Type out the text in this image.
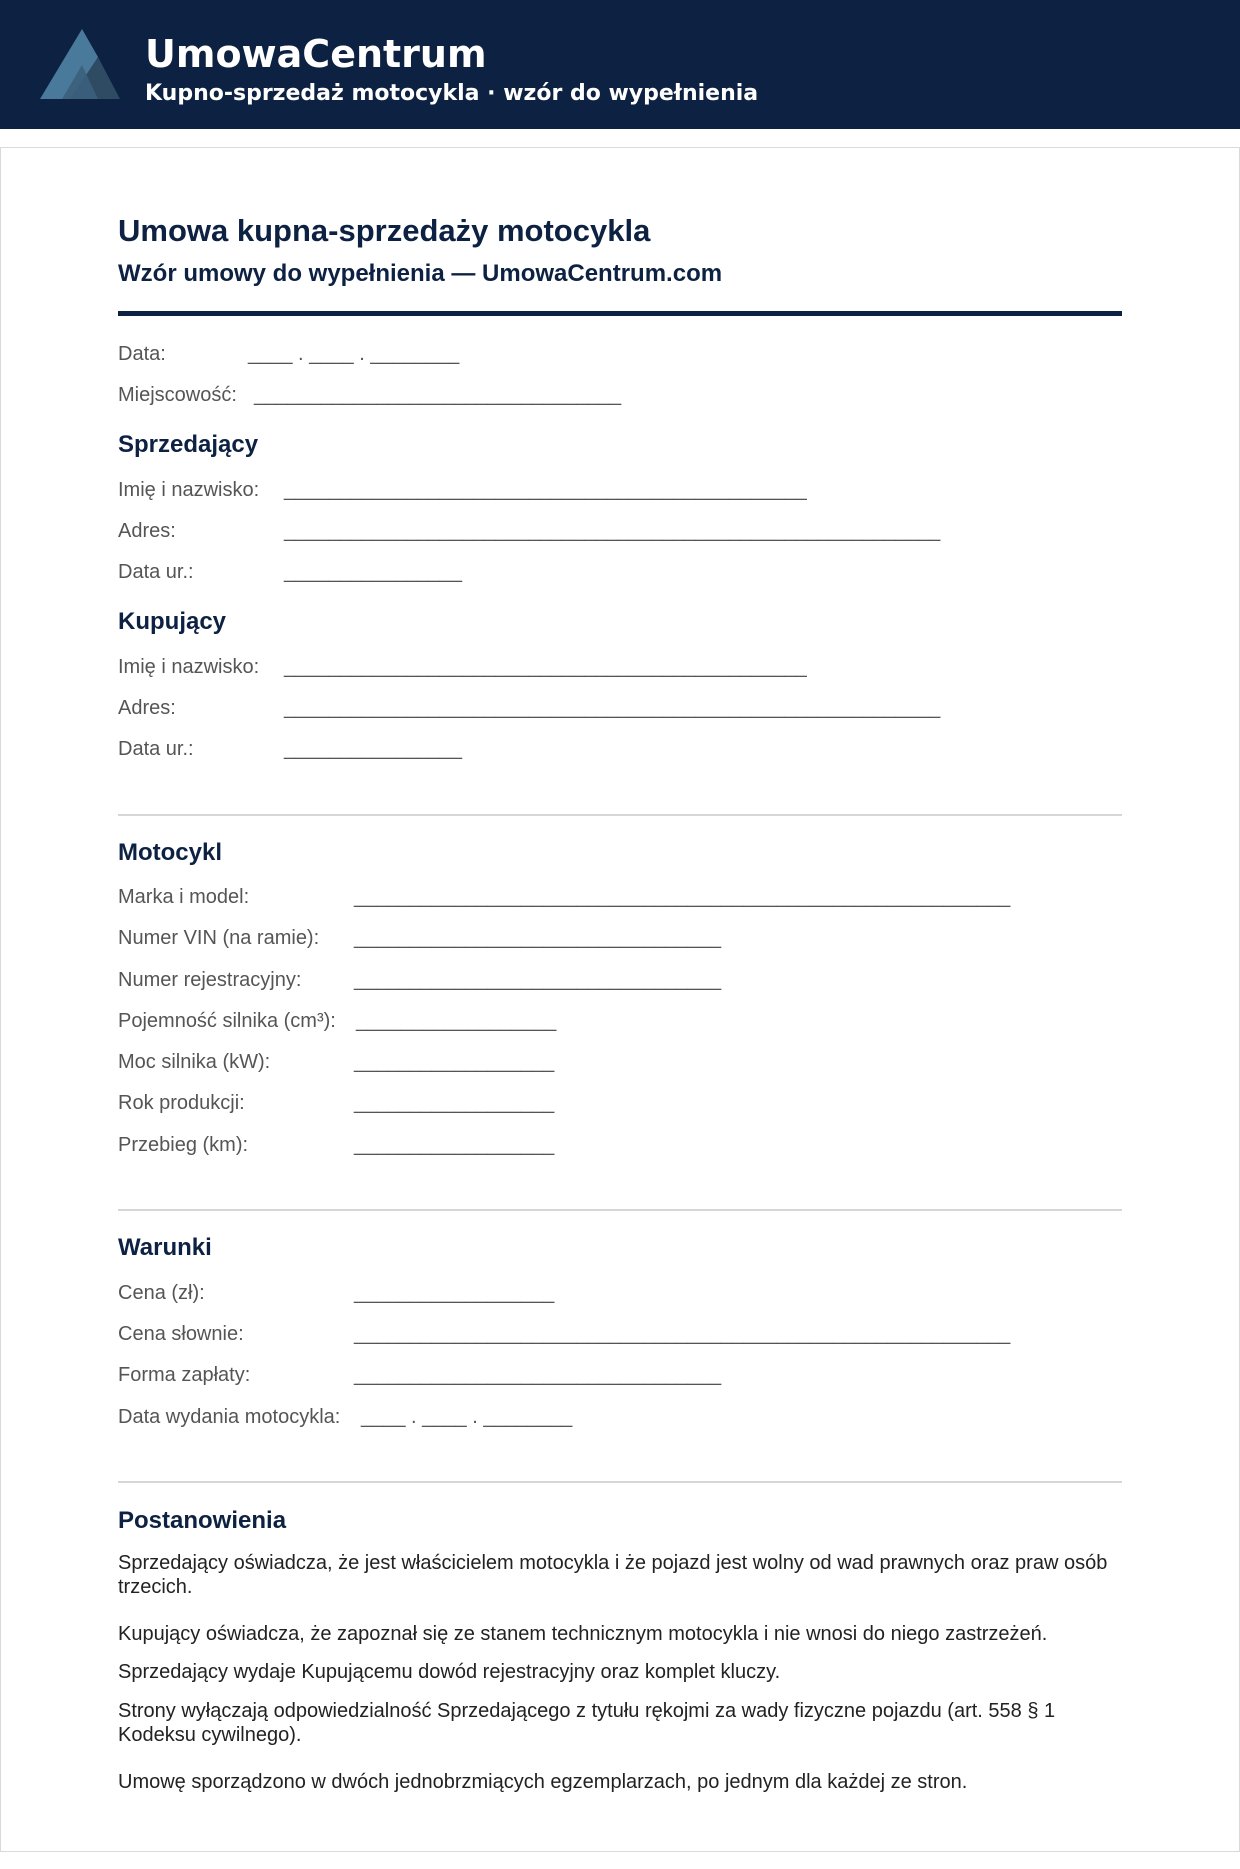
UmowaCentrum
Kupno-sprzedaż motocykla · wzór do wypełnienia
Umowa kupna-sprzedaży motocykla
Wzór umowy do wypełnienia — UmowaCentrum.com
Data:	____ . ____ . ________
Miejscowość: _________________________________
Sprzedający
Imię i nazwisko: _______________________________________________
Adres:	___________________________________________________________
Data ur.:	________________
Kupujący
Imię i nazwisko: _______________________________________________
Adres:	___________________________________________________________
Data ur.:	________________
Motocykl
Marka i model:	___________________________________________________________
Numer VIN (na ramie): _________________________________
Numer rejestracyjny:	_________________________________
Pojemność silnika (cm³): __________________
Moc silnika (kW):	__________________
Rok produkcji:	__________________
Przebieg (km):	__________________
Warunki
Cena (zł):	__________________
Cena słownie:	___________________________________________________________
Forma zapłaty:	_________________________________
Data wydania motocykla: ____ . ____ . ________
Postanowienia
Sprzedający oświadcza, że jest właścicielem motocykla i że pojazd jest wolny od wad prawnych oraz praw osób trzecich.
Kupujący oświadcza, że zapoznał się ze stanem technicznym motocykla i nie wnosi do niego zastrzeżeń.
Sprzedający wydaje Kupującemu dowód rejestracyjny oraz komplet kluczy.
Strony wyłączają odpowiedzialność Sprzedającego z tytułu rękojmi za wady fizyczne pojazdu (art. 558 § 1 Kodeksu cywilnego).
Umowę sporządzono w dwóch jednobrzmiących egzemplarzach, po jednym dla każdej ze stron.
